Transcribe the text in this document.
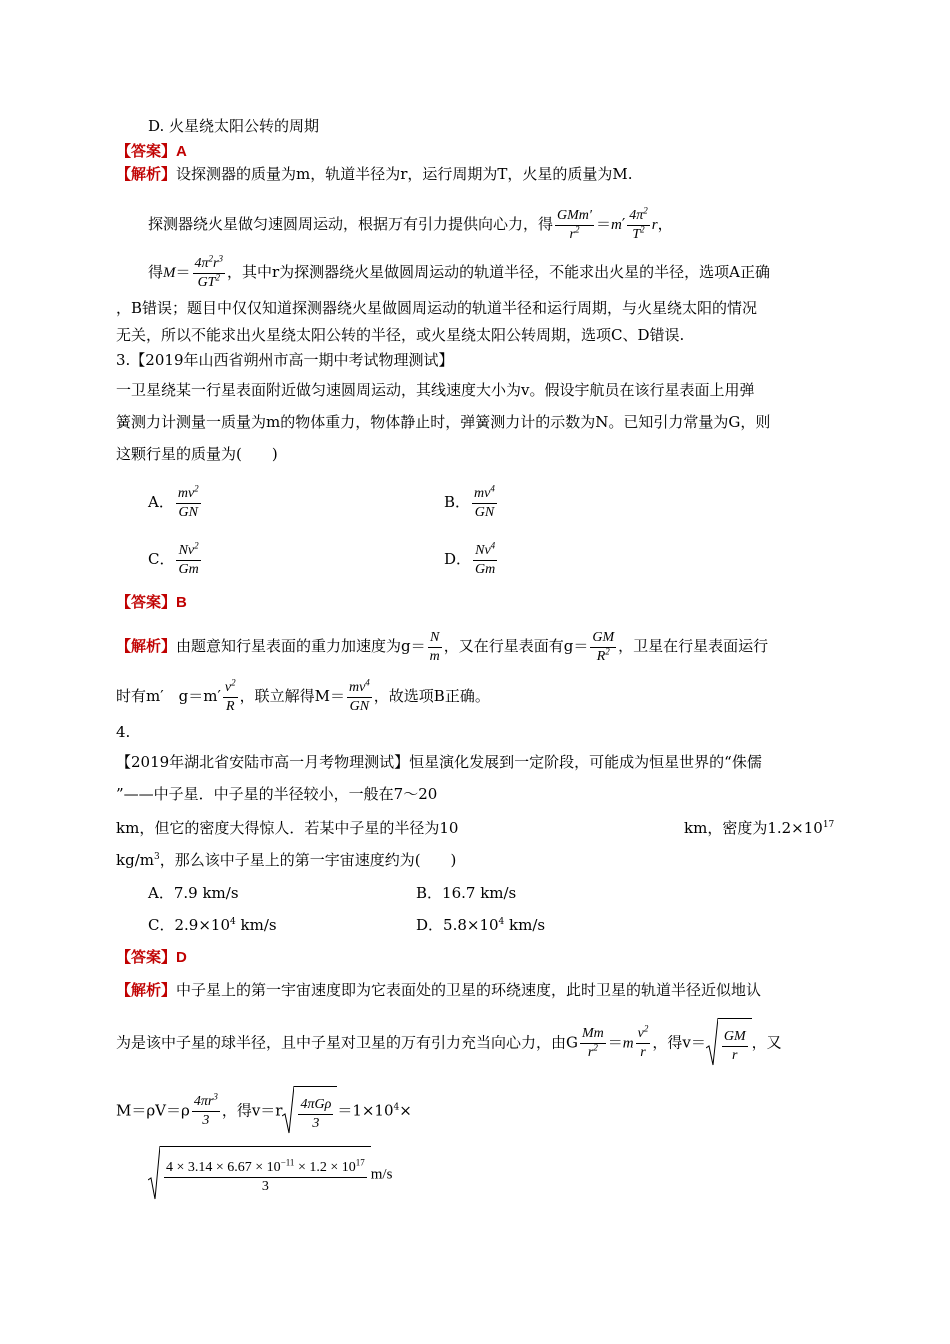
D. 火星绕太阳公转的周期
【答案】A
【解析】设探测器的质量为m，轨道半径为r，运行周期为T，火星的质量为M.
探测器绕火星做匀速圆周运动，根据万有引力提供向心力，得 $\frac{\text{GMm′}}{r^2} =m' \frac{4\pi^2}{T^2}$ r，
得$M= \frac{4\pi^2r^3}{GT^2}$ ，其中r为探测器绕火星做圆周运动的轨道半径，不能求出火星的半径，选项A正确
，B错误；题目中仅仅知道探测器绕火星做圆周运动的轨道半径和运行周期，与火星绕太阳的情况
无关，所以不能求出火星绕太阳公转的半径，或火星绕太阳公转周期，选项C、D错误.
3.【2019年山西省朔州市高一期中考试物理测试】
一卫星绕某一行星表面附近做匀速圆周运动，其线速度大小为v。假设宇航员在该行星表面上用弹
簧测力计测量一质量为m的物体重力，物体静止时，弹簧测力计的示数为N。已知引力常量为G，则
这颗行星的质量为(　　)
A． $\frac{mv^2}{GN}$	B． $\frac{mv^4}{GN}$
C． $\frac{Nv^2}{Gm}$	D． $\frac{Nv^4}{Gm}$
【答案】B
【解析】由题意知行星表面的重力加速度为$g= \frac{N}{m}$ ，又在行星表面有$g= \frac{GM}{R^2}$ ，卫星在行星表面运行
时有m′　$g=m' \frac{v^2}{R}$ ，联立解得$M= \frac{mv^4}{GN}$ ，故选项B正确。
4.
【2019年湖北省安陆市高一月考物理测试】恒星演化发展到一定阶段，可能成为恒星世界的“侏儒
”——中子星．中子星的半径较小，一般在7～20
km，但它的密度大得惊人．若某中子星的半径为10	km，密度为$1.2\times 10^{17}$
$kg/m^3$，那么该中子星上的第一宇宙速度约为(　　)
A．7.9 km/s	B．16.7 km/s
C．$2.9\times 10^4$ km/s	D．$5.8\times 10^4$ km/s
【答案】D
【解析】中子星上的第一宇宙速度即为它表面处的卫星的环绕速度，此时卫星的轨道半径近似地认
为是该中子星的球半径，且中子星对卫星的万有引力充当向心力，由G $\frac{Mm}{r^2} =m \frac{v^2}{r}$ ，得$v= \frac{GM}{r}$ ，又
$M=\rho V=\rho \frac{4\pi r^3}{3}$ ，得$v=r \frac{\text{4πGρ}}{3} =1\times 10^4\times$
$\frac{4 \times 3.14 \times 6.67 \times 10^{-11} \times 1.2 \times 10^{17}}{3} m/s$
